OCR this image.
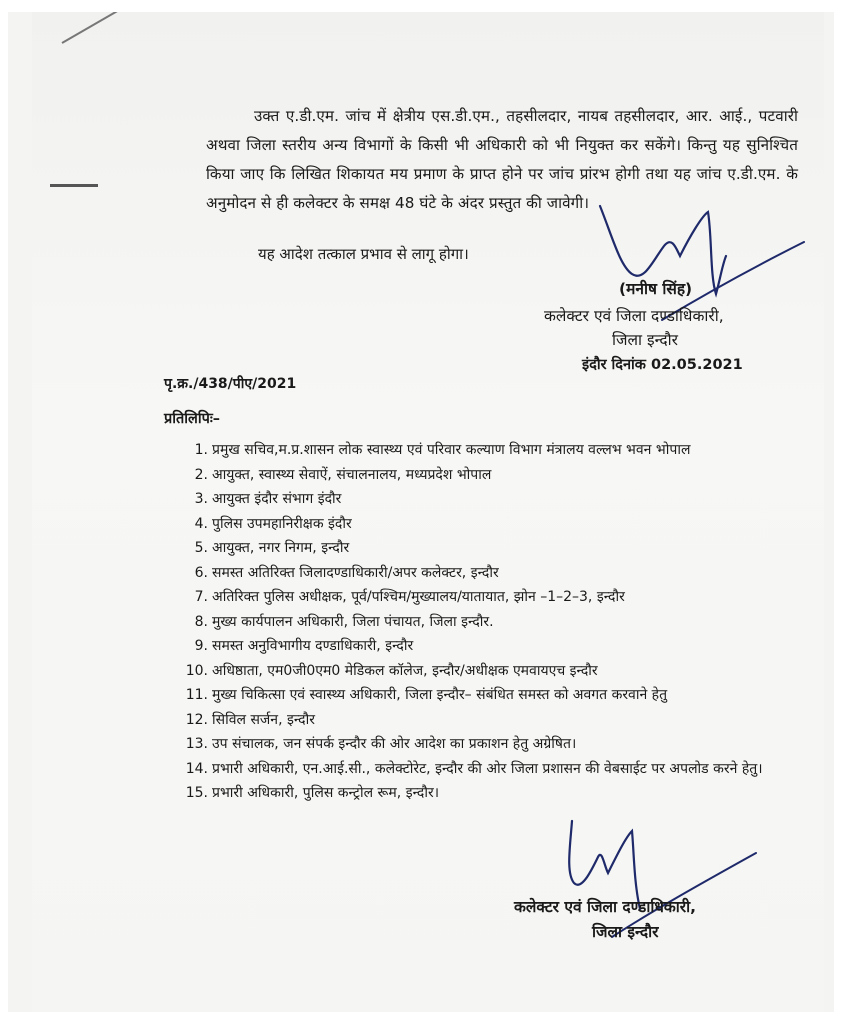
उक्त ए.डी.एम. जांच में क्षेत्रीय एस.डी.एम., तहसीलदार, नायब तहसीलदार, आर. आई., पटवारी अथवा जिला स्तरीय अन्य विभागों के किसी भी अधिकारी को भी नियुक्त कर सकेंगे। किन्तु यह सुनिश्चित किया जाए कि लिखित शिकायत मय प्रमाण के प्राप्त होने पर जांच प्रांरभ होगी तथा यह जांच ए.डी.एम. के अनुमोदन से ही कलेक्टर के समक्ष 48 घंटे के अंदर प्रस्तुत की जावेगी।

यह आदेश तत्काल प्रभाव से लागू होगा।
(मनीष सिंह)
कलेक्टर एवं जिला दण्डाधिकारी,
जिला इन्दौर
इंदौर दिनांक 02.05.2021
पृ.क्र./438/पीए/2021
प्रतिलिपिः–
1. प्रमुख सचिव,म.प्र.शासन लोक स्वास्थ्य एवं परिवार कल्याण विभाग मंत्रालय वल्लभ भवन भोपाल
2. आयुक्त, स्वास्थ्य सेवाऐं, संचालनालय, मध्यप्रदेश भोपाल
3. आयुक्त इंदौर संभाग इंदौर
4. पुलिस उपमहानिरीक्षक इंदौर
5. आयुक्त, नगर निगम, इन्दौर
6. समस्त अतिरिक्त जिलादण्डाधिकारी/अपर कलेक्टर, इन्दौर
7. अतिरिक्त पुलिस अधीक्षक, पूर्व/पश्चिम/मुख्यालय/यातायात, झोन –1–2–3, इन्दौर
8. मुख्य कार्यपालन अधिकारी, जिला पंचायत, जिला इन्दौर.
9. समस्त अनुविभागीय दण्डाधिकारी, इन्दौर
10. अधिष्ठाता, एम0जी0एम0 मेडिकल कॉलेज, इन्दौर/अधीक्षक एमवायएच इन्दौर
11. मुख्य चिकित्सा एवं स्वास्थ्य अधिकारी, जिला इन्दौर– संबंधित समस्त को अवगत करवाने हेतु
12. सिविल सर्जन, इन्दौर
13. उप संचालक, जन संपर्क इन्दौर की ओर आदेश का प्रकाशन हेतु अग्रेषित।
14. प्रभारी अधिकारी, एन.आई.सी., कलेक्टोरेट, इन्दौर की ओर जिला प्रशासन की वेबसाईट पर अपलोड करने हेतु।
15. प्रभारी अधिकारी, पुलिस कन्ट्रोल रूम, इन्दौर।
कलेक्टर एवं जिला दण्डाधिकारी,
जिला इन्दौर
